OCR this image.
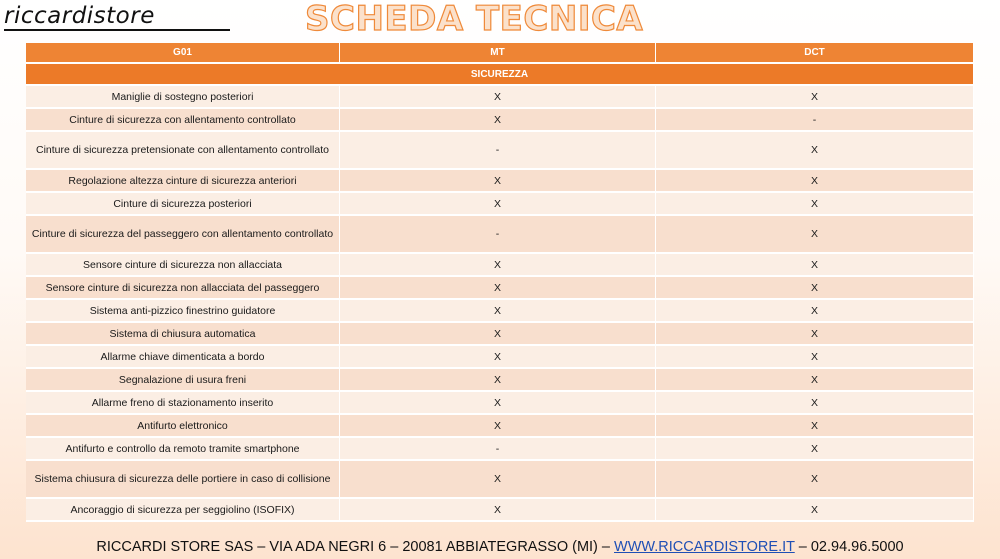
riccardistore	SCHEDA TECNICA
G01	MT	DCT
SICUREZZA		
Maniglie di sostegno posteriori	X	X
Cinture di sicurezza con allentamento controllato	X	-
Cinture di sicurezza pretensionate con allentamento controllato	-	X
Regolazione altezza cinture di sicurezza anteriori	X	X
Cinture di sicurezza posteriori	X	X
Cinture di sicurezza del passeggero con allentamento controllato	-	X
Sensore cinture di sicurezza non allacciata	X	X
Sensore cinture di sicurezza non allacciata del passeggero	X	X
Sistema anti-pizzico finestrino guidatore	X	X
Sistema di chiusura automatica	X	X
Allarme chiave dimenticata a bordo	X	X
Segnalazione di usura freni	X	X
Allarme freno di stazionamento inserito	X	X
Antifurto elettronico	X	X
Antifurto e controllo da remoto tramite smartphone	-	X
Sistema chiusura di sicurezza delle portiere in caso di collisione	X	X
Ancoraggio di sicurezza per seggiolino (ISOFIX)	X	X
RICCARDI STORE SAS – VIA ADA NEGRI 6 – 20081 ABBIATEGRASSO (MI) – WWW.RICCARDISTORE.IT – 02.94.96.5000
